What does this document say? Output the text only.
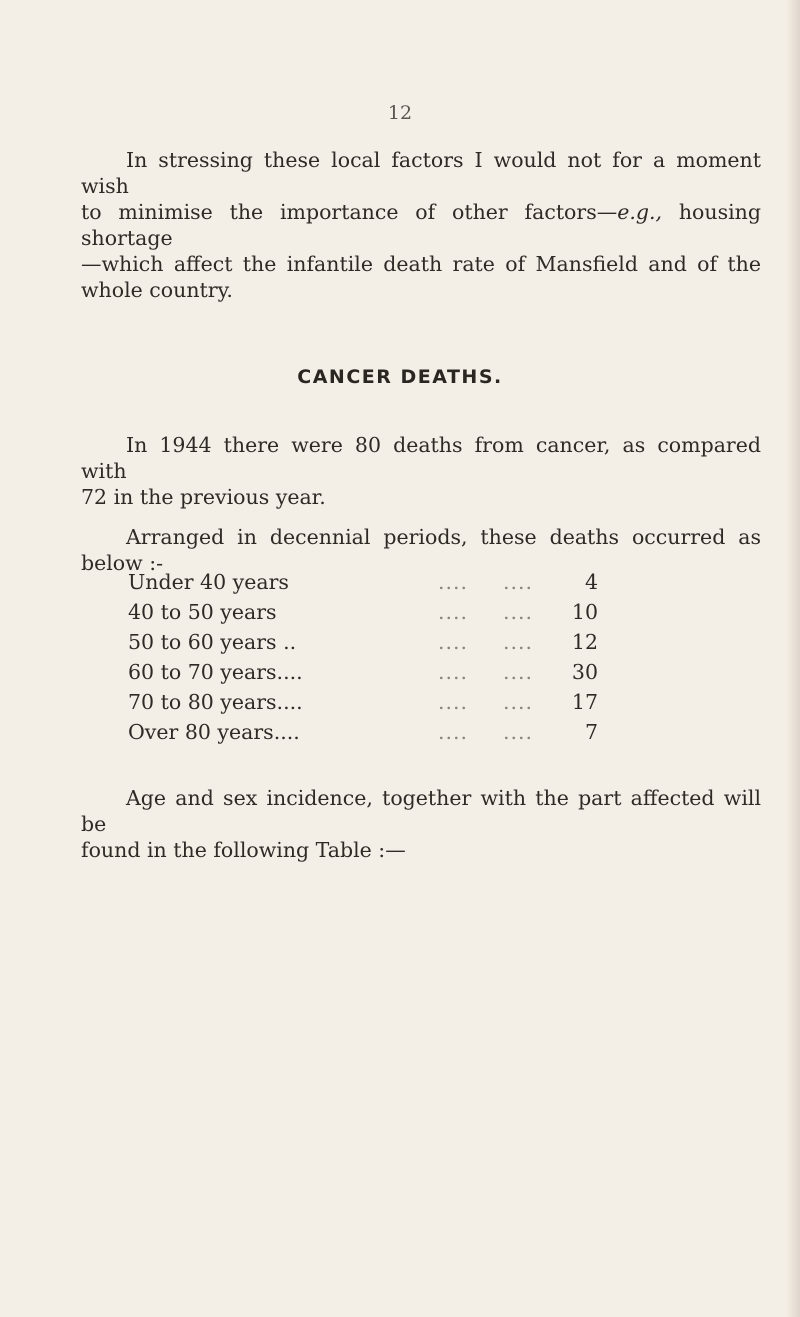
12
In stressing these local factors I would not for a moment wish
to minimise the importance of other factors—e.g., housing shortage
—which affect the infantile death rate of Mansfield and of the
whole country.
CANCER DEATHS.
In 1944 there were 80 deaths from cancer, as compared with
72 in the previous year.
Arranged in decennial periods, these deaths occurred as below :-
Under 40 years	.... ....	4
40 to 50 years	.... .... 10
50 to 60 years ..	.... .... 12
60 to 70 years....	.... .... 30
70 to 80 years....	.... .... 17
Over 80 years....	.... ....	7
Age and sex incidence, together with the part affected will be
found in the following Table :—
